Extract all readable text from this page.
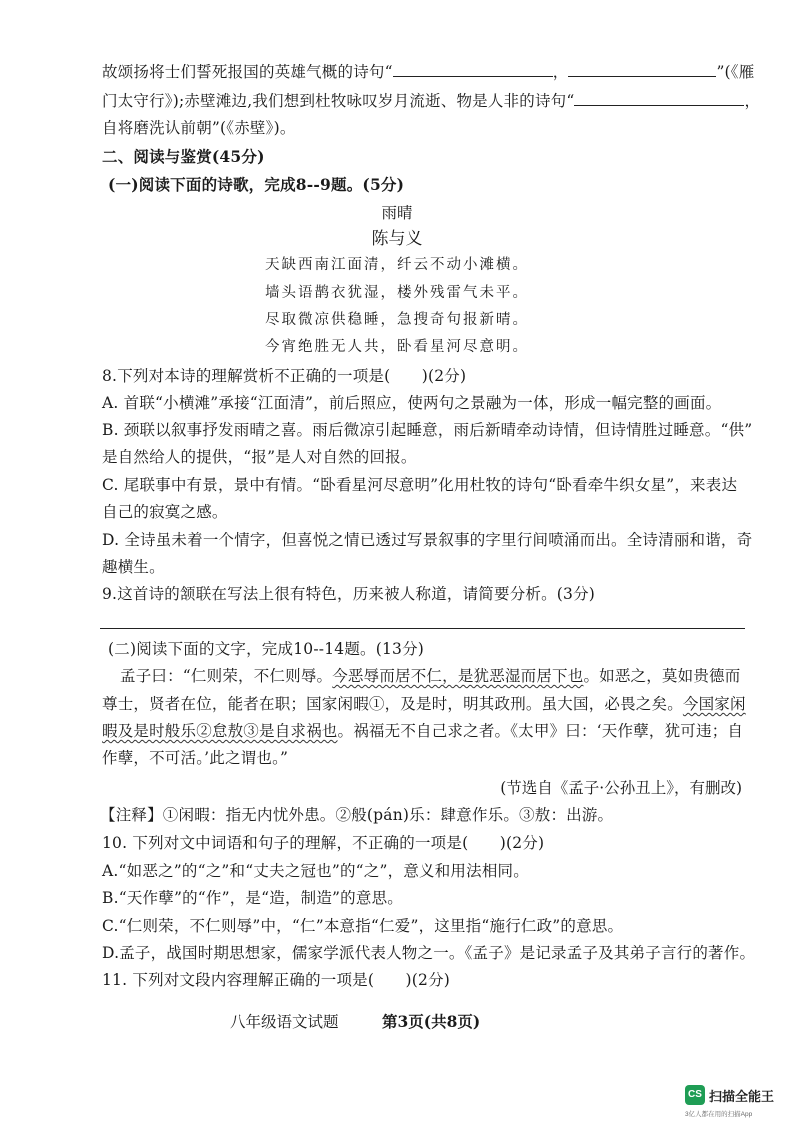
故颂扬将士们誓死报国的英雄气概的诗句“	，	”(《雁
门太守行》);赤壁滩边,我们想到杜牧咏叹岁月流逝、物是人非的诗句“	，
自将磨洗认前朝”(《赤壁》)。
二、阅读与鉴赏(45分)
(一)阅读下面的诗歌，完成8--9题。(5分)
雨晴
陈与义
天缺西南江面清，纤云不动小滩横。
墙头语鹊衣犹湿，楼外残雷气未平。
尽取微凉供稳睡，急搜奇句报新晴。
今宵绝胜无人共，卧看星河尽意明。
8.下列对本诗的理解赏析不正确的一项是(　　)(2分)
A. 首联“小横滩”承接“江面清”，前后照应，使两句之景融为一体，形成一幅完整的画面。
B. 颈联以叙事抒发雨晴之喜。雨后微凉引起睡意，雨后新晴牵动诗情，但诗情胜过睡意。“供”
是自然给人的提供，“报”是人对自然的回报。
C. 尾联事中有景，景中有情。“卧看星河尽意明”化用杜牧的诗句“卧看牵牛织女星”，来表达
自己的寂寞之感。
D. 全诗虽未着一个情字，但喜悦之情已透过写景叙事的字里行间喷涌而出。全诗清丽和谐，奇
趣横生。
9.这首诗的颔联在写法上很有特色，历来被人称道，请简要分析。(3分)
(二)阅读下面的文字，完成10--14题。(13分)
孟子曰：“仁则荣，不仁则辱。今恶辱而居不仁，是犹恶湿而居下也。如恶之，莫如贵德而
尊士，贤者在位，能者在职；国家闲暇①，及是时，明其政刑。虽大国，必畏之矣。今国家闲
暇及是时般乐②怠敖③是自求祸也。祸福无不自己求之者。《太甲》曰：‘天作孽，犹可违；自
作孽，不可活。’此之谓也。”
(节选自《孟子·公孙丑上》，有删改)
【注释】①闲暇：指无内忧外患。②般(pán)乐：肆意作乐。③敖：出游。
10. 下列对文中词语和句子的理解，不正确的一项是(　　)(2分)
A.“如恶之”的“之”和“丈夫之冠也”的“之”，意义和用法相同。
B.“天作孽”的“作”，是“造，制造”的意思。
C.“仁则荣，不仁则辱”中，“仁”本意指“仁爱”，这里指“施行仁政”的意思。
D.孟子，战国时期思想家，儒家学派代表人物之一。《孟子》是记录孟子及其弟子言行的著作。
11. 下列对文段内容理解正确的一项是(　　)(2分)
八年级语文试题	第3页(共8页)
CS 扫描全能王
3亿人都在用的扫描App
